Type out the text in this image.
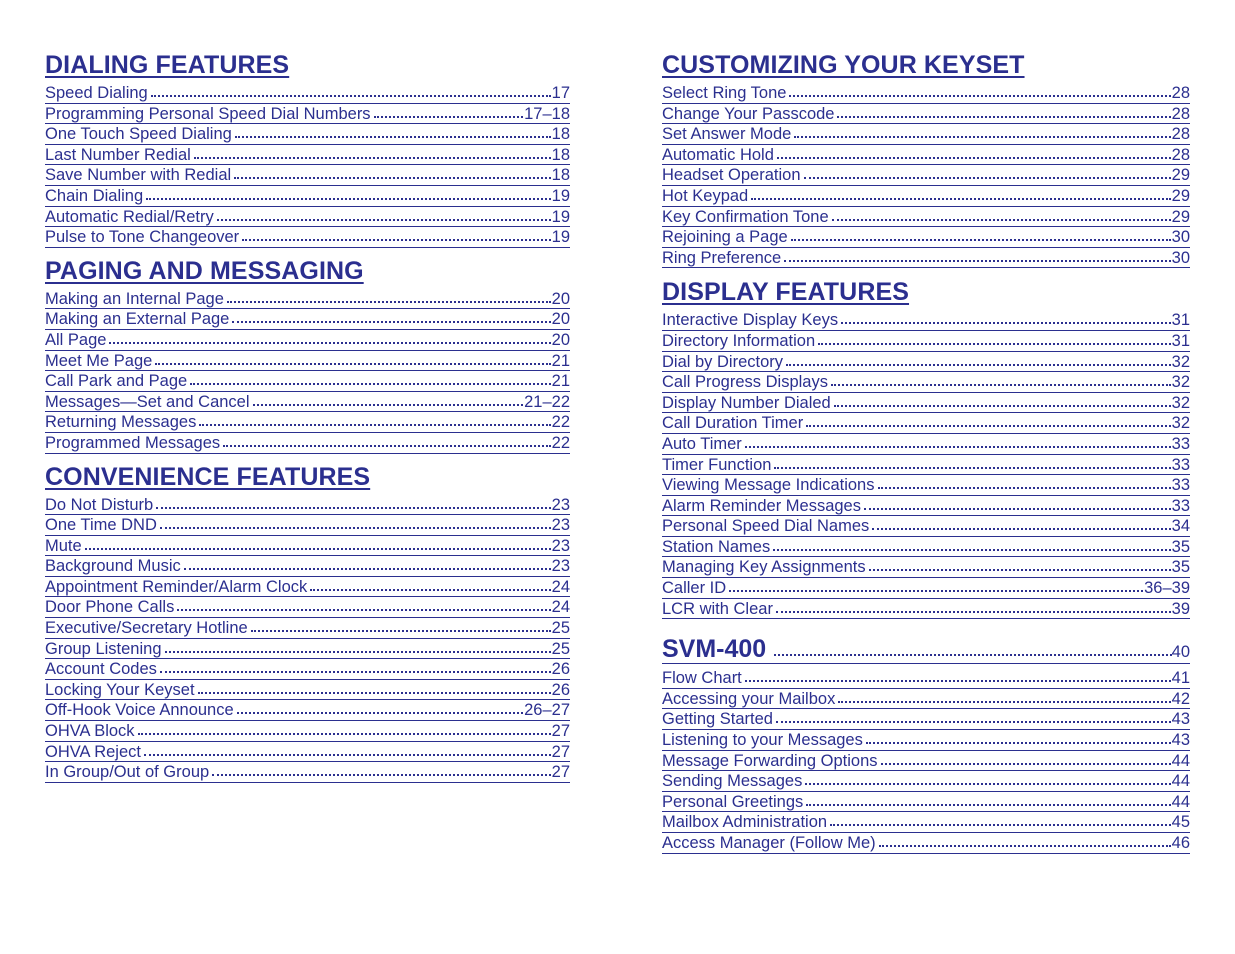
DIALING FEATURES
Speed Dialing	17
Programming Personal Speed Dial Numbers	17–18
One Touch Speed Dialing	18
Last Number Redial	18
Save Number with Redial	18
Chain Dialing	19
Automatic Redial/Retry	19
Pulse to Tone Changeover	19
PAGING AND MESSAGING
Making an Internal Page	20
Making an External Page	20
All Page	20
Meet Me Page	21
Call Park and Page	21
Messages—Set and Cancel	21–22
Returning Messages	22
Programmed Messages	22
CONVENIENCE FEATURES
Do Not Disturb	23
One Time DND	23
Mute	23
Background Music	23
Appointment Reminder/Alarm Clock	24
Door Phone Calls	24
Executive/Secretary Hotline	25
Group Listening	25
Account Codes	26
Locking Your Keyset	26
Off-Hook Voice Announce	26–27
OHVA Block	27
OHVA Reject	27
In Group/Out of Group	27
CUSTOMIZING YOUR KEYSET
Select Ring Tone	28
Change Your Passcode	28
Set Answer Mode	28
Automatic Hold	28
Headset Operation	29
Hot Keypad	29
Key Confirmation Tone	29
Rejoining a Page	30
Ring Preference	30
DISPLAY FEATURES
Interactive Display Keys	31
Directory Information	31
Dial by Directory	32
Call Progress Displays	32
Display Number Dialed	32
Call Duration Timer	32
Auto Timer	33
Timer Function	33
Viewing Message Indications	33
Alarm Reminder Messages	33
Personal Speed Dial Names	34
Station Names	35
Managing Key Assignments	35
Caller ID	36–39
LCR with Clear	39
SVM-400	40
Flow Chart	41
Accessing your Mailbox	42
Getting Started	43
Listening to your Messages	43
Message Forwarding Options	44
Sending Messages	44
Personal Greetings	44
Mailbox Administration	45
Access Manager (Follow Me)	46
